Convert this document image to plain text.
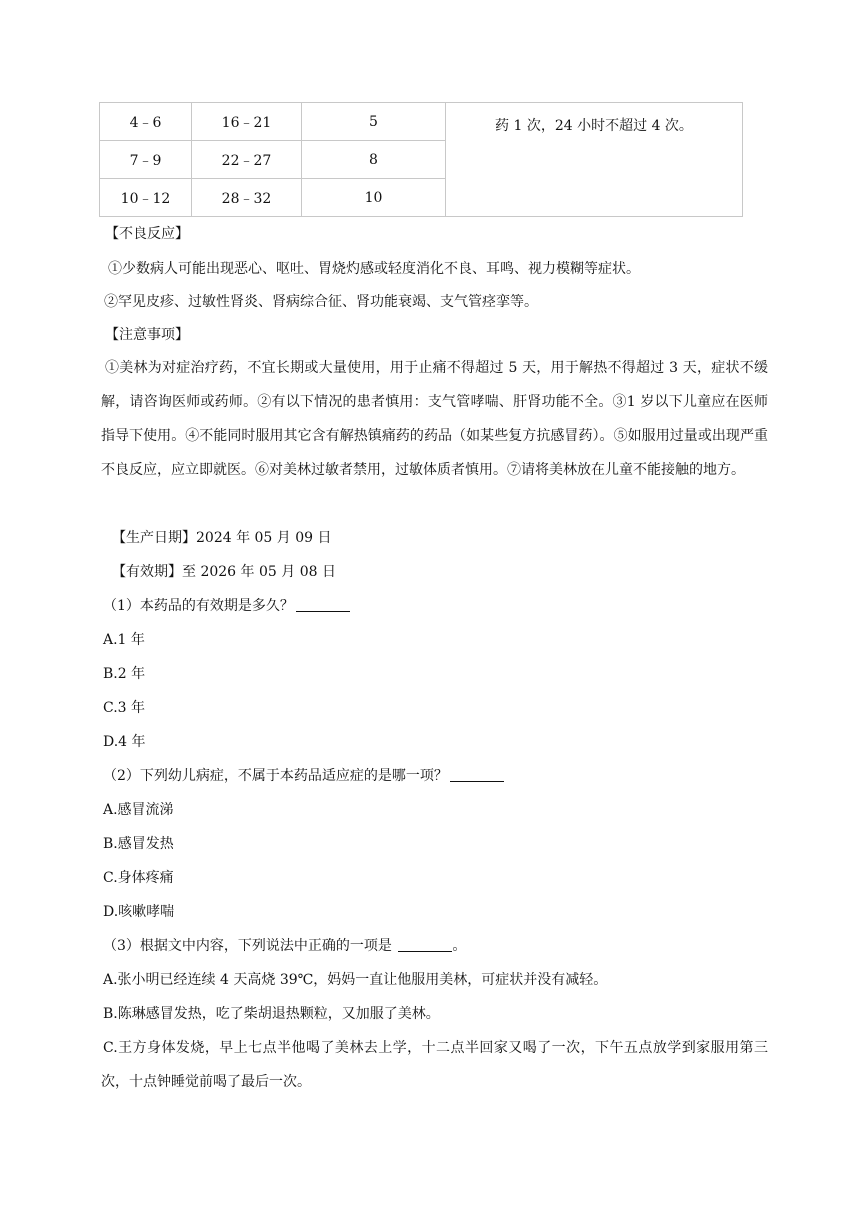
4﹣6	16﹣21	5	药 1 次，24 小时不超过 4 次。
7﹣9	22﹣27	8	
10﹣12	28﹣32	10	
【不良反应】
①少数病人可能出现恶心、呕吐、胃烧灼感或轻度消化不良、耳鸣、视力模糊等症状。
②罕见皮疹、过敏性肾炎、肾病综合征、肾功能衰竭、支气管痉挛等。
【注意事项】
①美林为对症治疗药，不宜长期或大量使用，用于止痛不得超过 5 天，用于解热不得超过 3 天，症状不缓解，请咨询医师或药师。②有以下情况的患者慎用：支气管哮喘、肝肾功能不全。③1 岁以下儿童应在医师指导下使用。④不能同时服用其它含有解热镇痛药的药品（如某些复方抗感冒药）。⑤如服用过量或出现严重不良反应，应立即就医。⑥对美林过敏者禁用，过敏体质者慎用。⑦请将美林放在儿童不能接触的地方。
【生产日期】2024 年 05 月 09 日
【有效期】至 2026 年 05 月 08 日
（1）本药品的有效期是多久？
A.1 年
B.2 年
C.3 年
D.4 年
（2）下列幼儿病症，不属于本药品适应症的是哪一项？
A.感冒流涕
B.感冒发热
C.身体疼痛
D.咳嗽哮喘
（3）根据文中内容，下列说法中正确的一项是	。
A.张小明已经连续 4 天高烧 39℃，妈妈一直让他服用美林，可症状并没有减轻。
B.陈琳感冒发热，吃了柴胡退热颗粒，又加服了美林。
C.王方身体发烧，早上七点半他喝了美林去上学，十二点半回家又喝了一次，下午五点放学到家服用第三次，十点钟睡觉前喝了最后一次。
